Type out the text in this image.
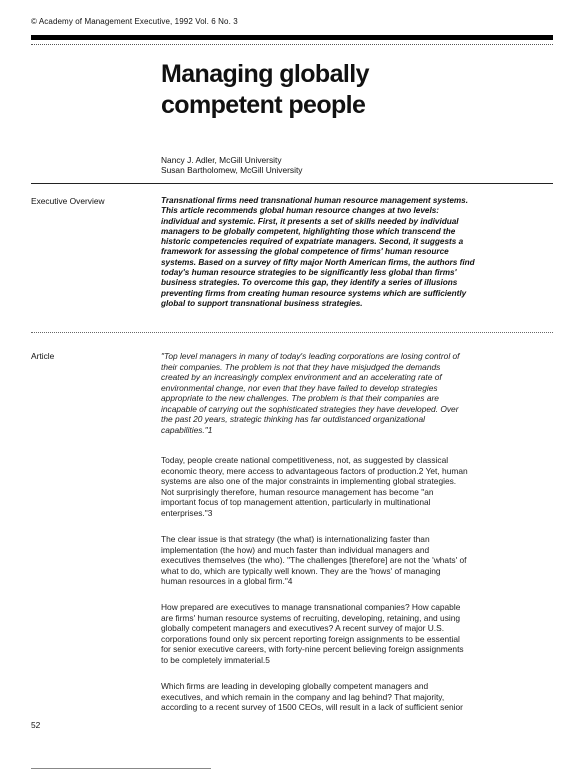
© Academy of Management Executive, 1992 Vol. 6 No. 3
Managing globally
competent people
Nancy J. Adler, McGill University
Susan Bartholomew, McGill University
Executive Overview	Transnational firms need transnational human resource management systems.
This article recommends global human resource changes at two levels:
individual and systemic. First, it presents a set of skills needed by individual
managers to be globally competent, highlighting those which transcend the
historic competencies required of expatriate managers. Second, it suggests a
framework for assessing the global competence of firms' human resource
systems. Based on a survey of fifty major North American firms, the authors find
today's human resource strategies to be significantly less global than firms'
business strategies. To overcome this gap, they identify a series of illusions
preventing firms from creating human resource systems which are sufficiently
global to support transnational business strategies.
Article	"Top level managers in many of today's leading corporations are losing control of
their companies. The problem is not that they have misjudged the demands
created by an increasingly complex environment and an accelerating rate of
environmental change, nor even that they have failed to develop strategies
appropriate to the new challenges. The problem is that their companies are
incapable of carrying out the sophisticated strategies they have developed. Over
the past 20 years, strategic thinking has far outdistanced organizational
capabilities."1
Today, people create national competitiveness, not, as suggested by classical
economic theory, mere access to advantageous factors of production.2 Yet, human
systems are also one of the major constraints in implementing global strategies.
Not surprisingly therefore, human resource management has become "an
important focus of top management attention, particularly in multinational
enterprises."3
The clear issue is that strategy (the what) is internationalizing faster than
implementation (the how) and much faster than individual managers and
executives themselves (the who). "The challenges [therefore] are not the 'whats' of
what to do, which are typically well known. They are the 'hows' of managing
human resources in a global firm."4
How prepared are executives to manage transnational companies? How capable
are firms' human resource systems of recruiting, developing, retaining, and using
globally competent managers and executives? A recent survey of major U.S.
corporations found only six percent reporting foreign assignments to be essential
for senior executive careers, with forty-nine percent believing foreign assignments
to be completely immaterial.5
Which firms are leading in developing globally competent managers and
executives, and which remain in the company and lag behind? That majority,
according to a recent survey of 1500 CEOs, will result in a lack of sufficient senior
52
